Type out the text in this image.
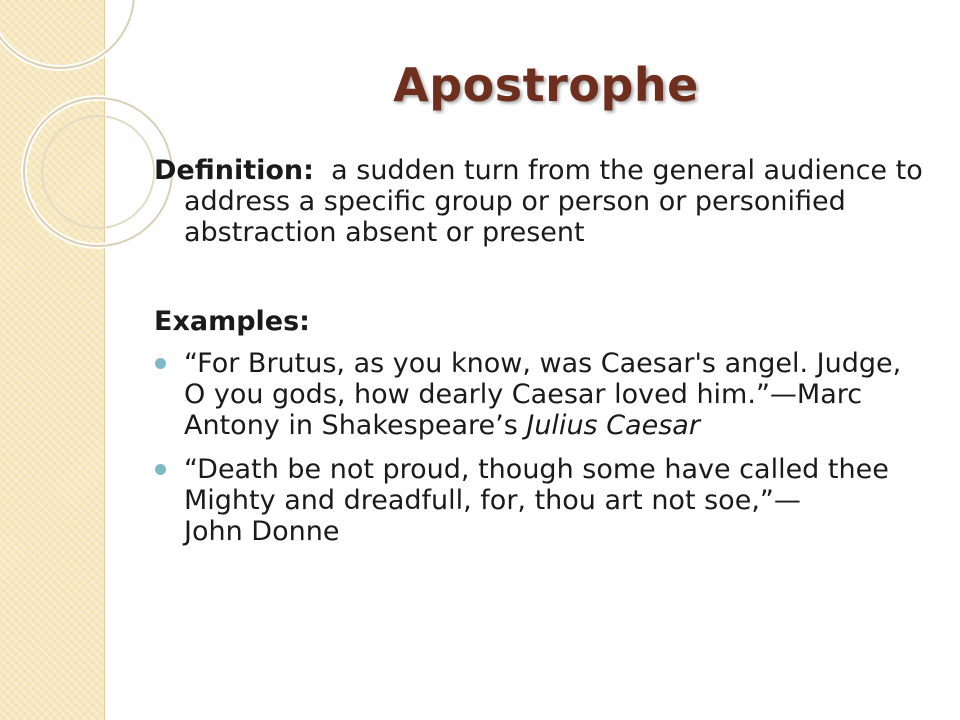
Apostrophe

Definition: a sudden turn from the general audience to address a specific group or person or personified abstraction absent or present

Examples:
“For Brutus, as you know, was Caesar's angel. Judge, O you gods, how dearly Caesar loved him.”—Marc Antony in Shakespeare’s Julius Caesar
“Death be not proud, though some have called thee
Mighty and dreadfull, for, thou art not soe,”—
John Donne
